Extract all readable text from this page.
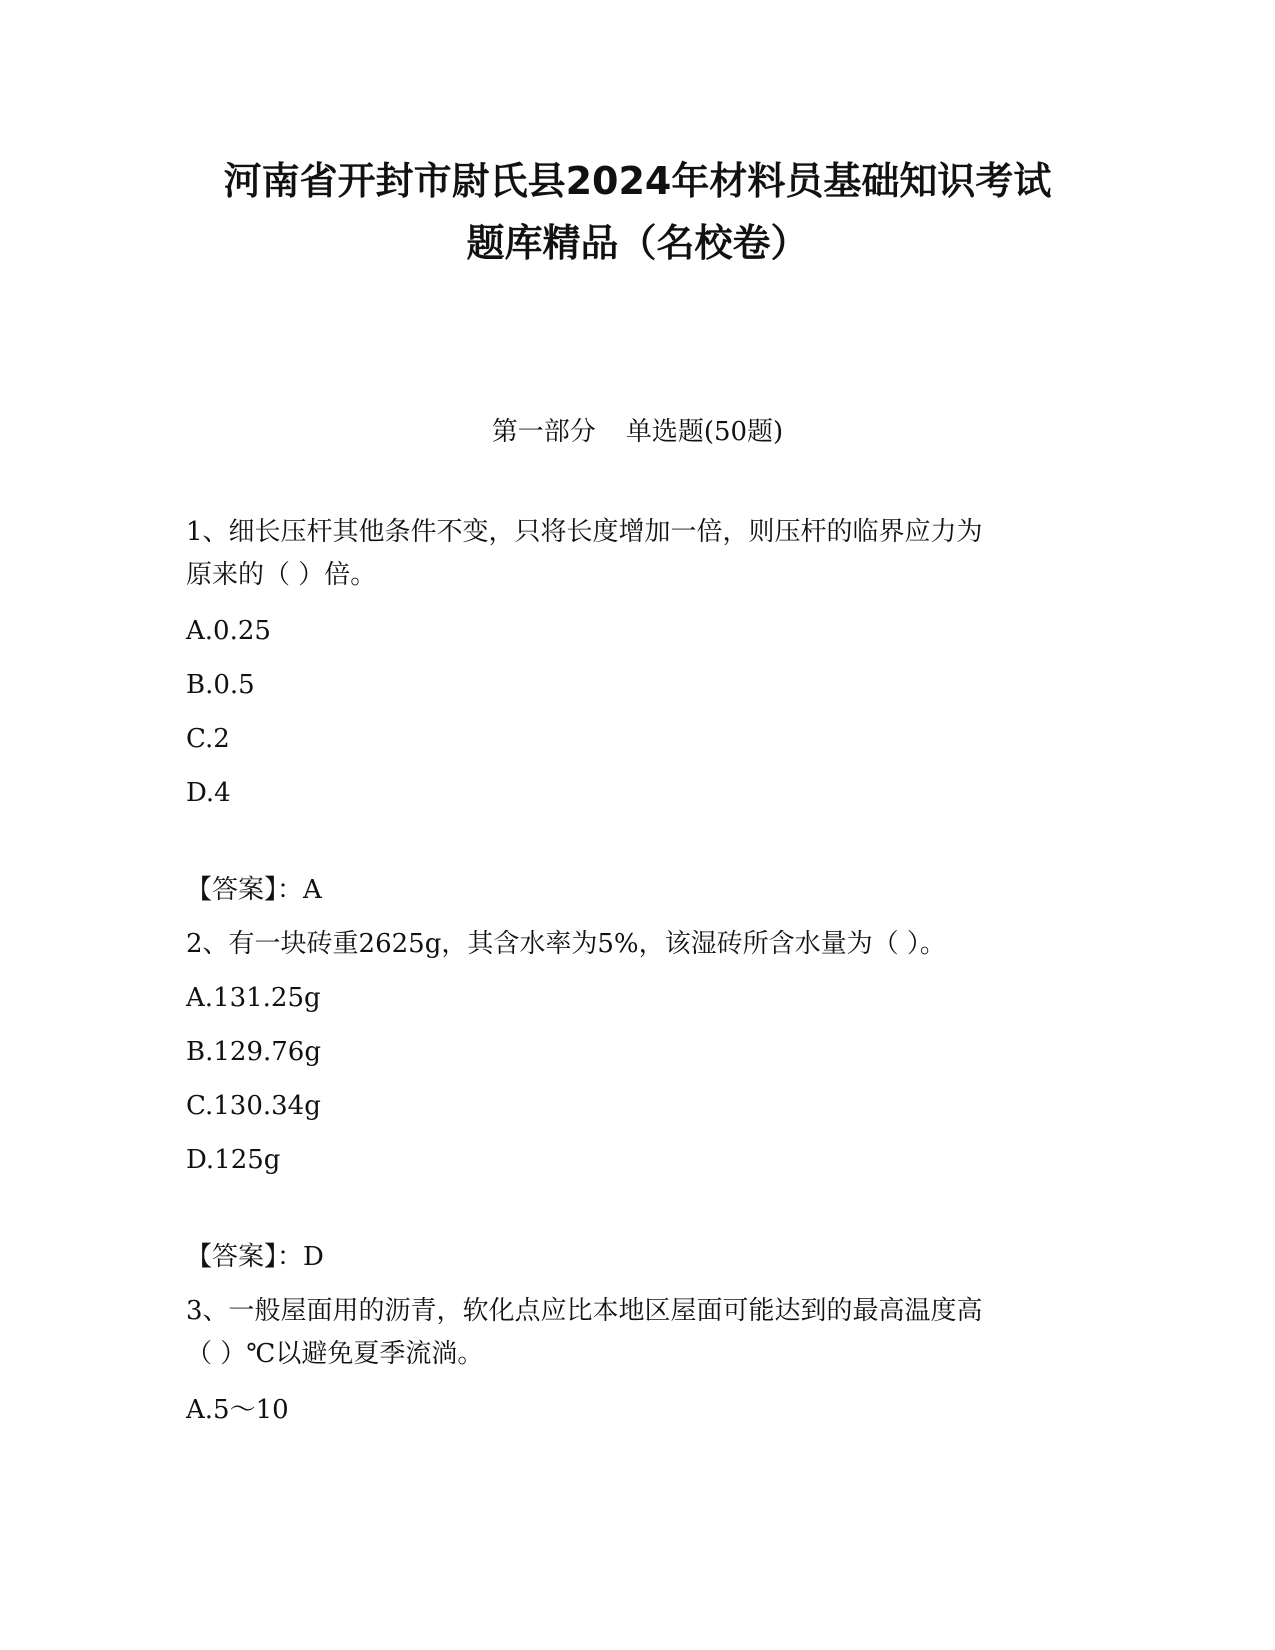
河南省开封市尉氏县2024年材料员基础知识考试
题库精品（名校卷）
第一部分 单选题(50题)
1、细长压杆其他条件不变，只将长度增加一倍，则压杆的临界应力为
原来的（ ）倍。
A.0.25
B.0.5
C.2
D.4
【答案】：A
2、有一块砖重2625g，其含水率为5%，该湿砖所含水量为（ ）。
A.131.25g
B.129.76g
C.130.34g
D.125g
【答案】：D
3、一般屋面用的沥青，软化点应比本地区屋面可能达到的最高温度高
（ ）℃以避免夏季流淌。
A.5～10
